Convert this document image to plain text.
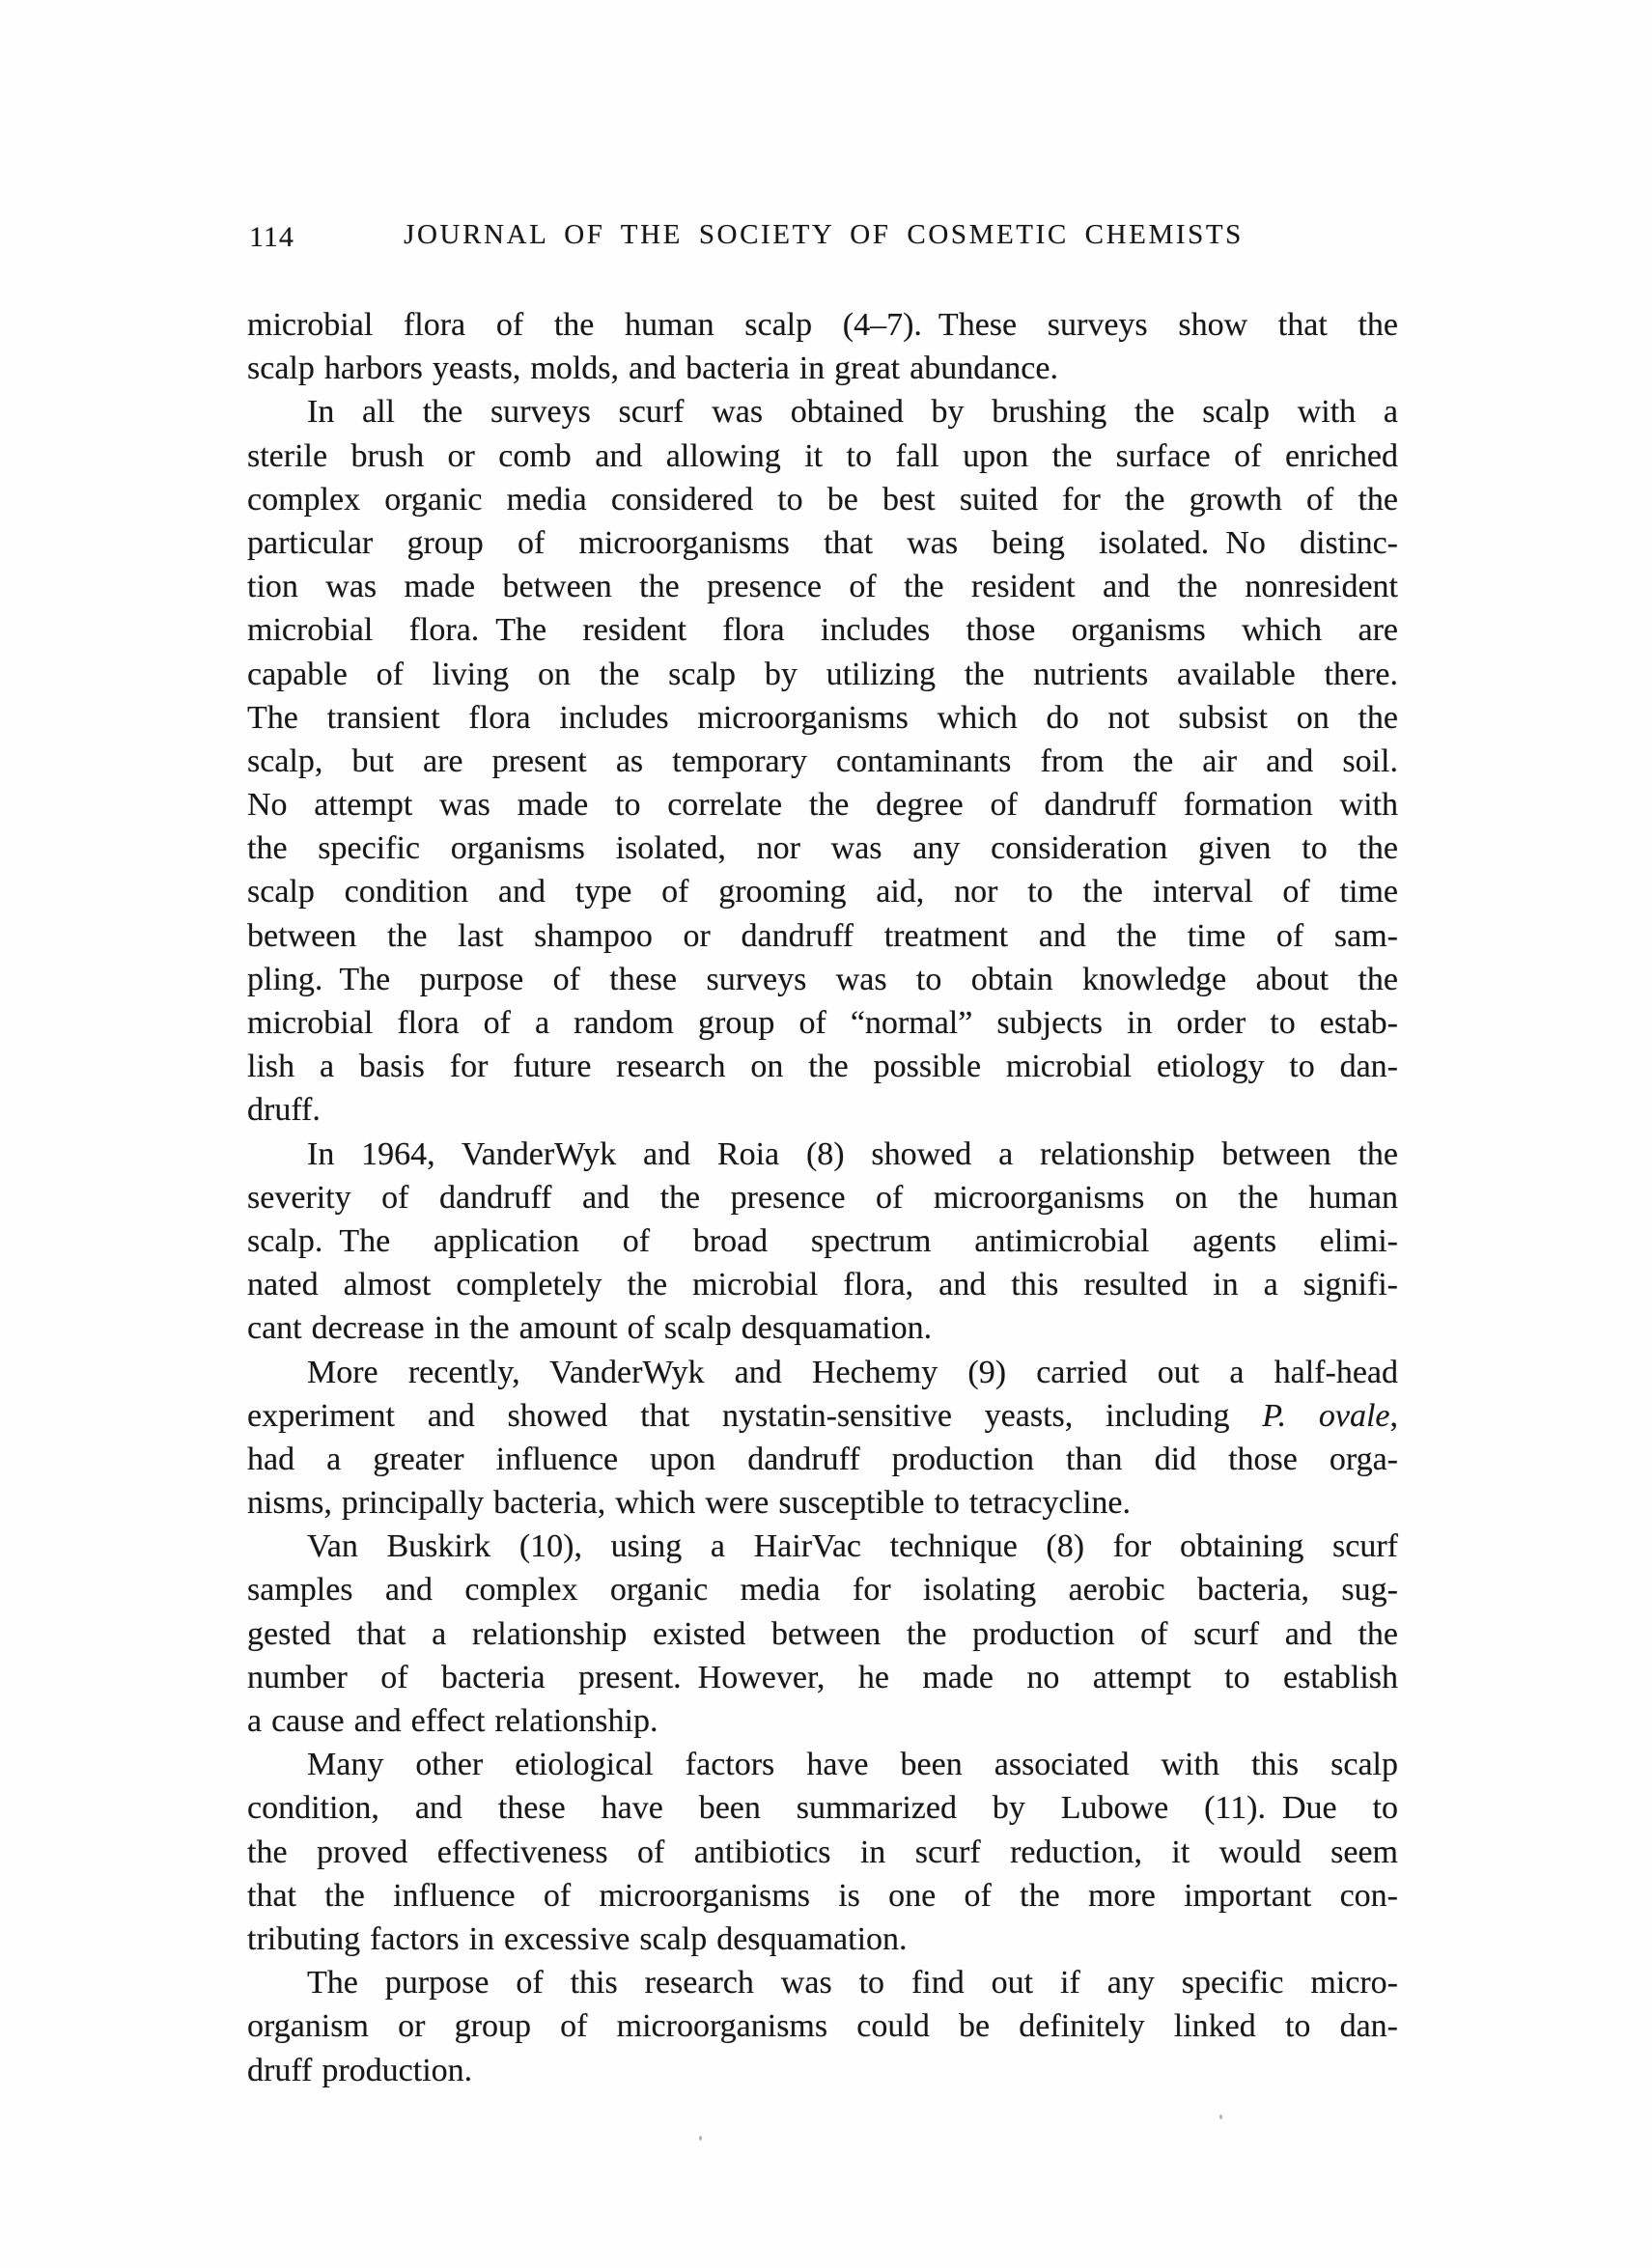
114	JOURNAL OF THE SOCIETY OF COSMETIC CHEMISTS
microbial flora of the human scalp (4–7). These surveys show that the
scalp harbors yeasts, molds, and bacteria in great abundance.
In all the surveys scurf was obtained by brushing the scalp with a
sterile brush or comb and allowing it to fall upon the surface of enriched
complex organic media considered to be best suited for the growth of the
particular group of microorganisms that was being isolated. No distinc-
tion was made between the presence of the resident and the nonresident
microbial flora. The resident flora includes those organisms which are
capable of living on the scalp by utilizing the nutrients available there.
The transient flora includes microorganisms which do not subsist on the
scalp, but are present as temporary contaminants from the air and soil.
No attempt was made to correlate the degree of dandruff formation with
the specific organisms isolated, nor was any consideration given to the
scalp condition and type of grooming aid, nor to the interval of time
between the last shampoo or dandruff treatment and the time of sam-
pling. The purpose of these surveys was to obtain knowledge about the
microbial flora of a random group of “normal” subjects in order to estab-
lish a basis for future research on the possible microbial etiology to dan-
druff.
In 1964, VanderWyk and Roia (8) showed a relationship between the
severity of dandruff and the presence of microorganisms on the human
scalp. The application of broad spectrum antimicrobial agents elimi-
nated almost completely the microbial flora, and this resulted in a signifi-
cant decrease in the amount of scalp desquamation.
More recently, VanderWyk and Hechemy (9) carried out a half-head
experiment and showed that nystatin-sensitive yeasts, including P. ovale,
had a greater influence upon dandruff production than did those orga-
nisms, principally bacteria, which were susceptible to tetracycline.
Van Buskirk (10), using a HairVac technique (8) for obtaining scurf
samples and complex organic media for isolating aerobic bacteria, sug-
gested that a relationship existed between the production of scurf and the
number of bacteria present. However, he made no attempt to establish
a cause and effect relationship.
Many other etiological factors have been associated with this scalp
condition, and these have been summarized by Lubowe (11). Due to
the proved effectiveness of antibiotics in scurf reduction, it would seem
that the influence of microorganisms is one of the more important con-
tributing factors in excessive scalp desquamation.
The purpose of this research was to find out if any specific micro-
organism or group of microorganisms could be definitely linked to dan-
druff production.
